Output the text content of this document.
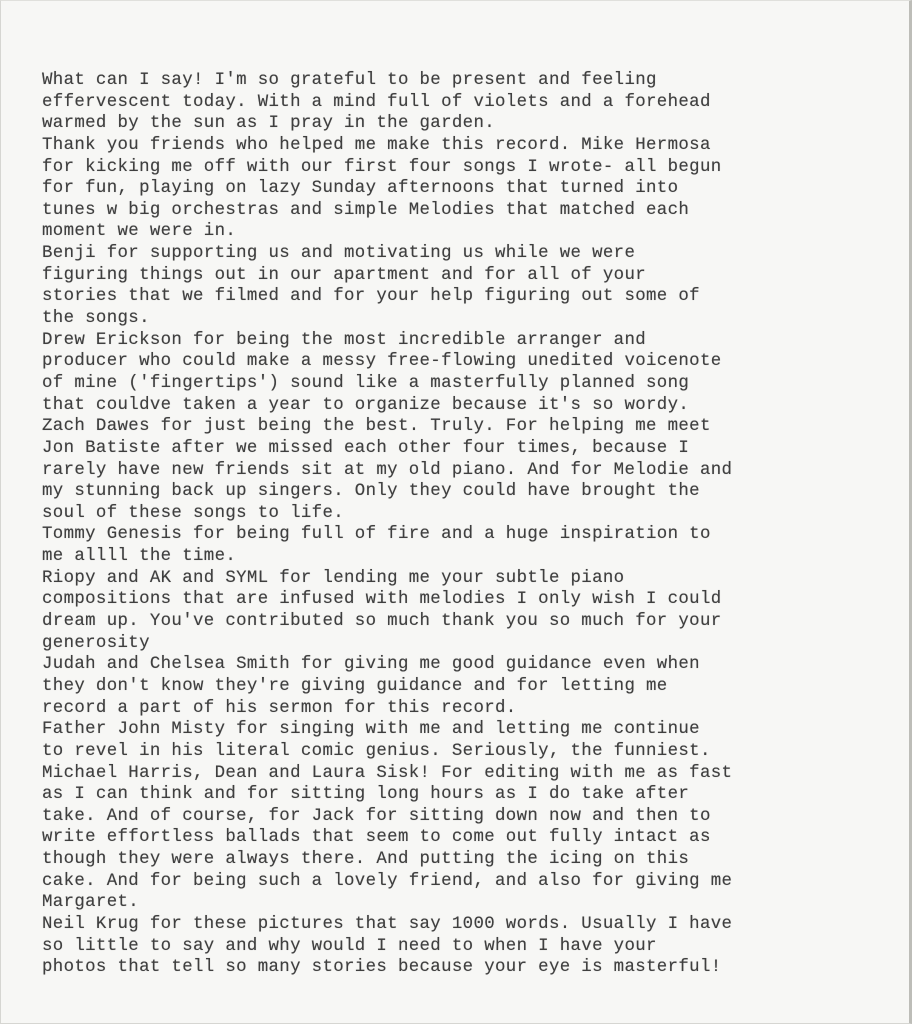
What can I say! I'm so grateful to be present and feeling
effervescent today. With a mind full of violets and a forehead
warmed by the sun as I pray in the garden.
Thank you friends who helped me make this record. Mike Hermosa
for kicking me off with our first four songs I wrote- all begun
for fun, playing on lazy Sunday afternoons that turned into
tunes w big orchestras and simple Melodies that matched each
moment we were in.
Benji for supporting us and motivating us while we were
figuring things out in our apartment and for all of your
stories that we filmed and for your help figuring out some of
the songs.
Drew Erickson for being the most incredible arranger and
producer who could make a messy free-flowing unedited voicenote
of mine ('fingertips') sound like a masterfully planned song
that couldve taken a year to organize because it's so wordy.
Zach Dawes for just being the best. Truly. For helping me meet
Jon Batiste after we missed each other four times, because I
rarely have new friends sit at my old piano. And for Melodie and
my stunning back up singers. Only they could have brought the
soul of these songs to life.
Tommy Genesis for being full of fire and a huge inspiration to
me allll the time.
Riopy and AK and SYML for lending me your subtle piano
compositions that are infused with melodies I only wish I could
dream up. You've contributed so much thank you so much for your
generosity
Judah and Chelsea Smith for giving me good guidance even when
they don't know they're giving guidance and for letting me
record a part of his sermon for this record.
Father John Misty for singing with me and letting me continue
to revel in his literal comic genius. Seriously, the funniest.
Michael Harris, Dean and Laura Sisk! For editing with me as fast
as I can think and for sitting long hours as I do take after
take. And of course, for Jack for sitting down now and then to
write effortless ballads that seem to come out fully intact as
though they were always there. And putting the icing on this
cake. And for being such a lovely friend, and also for giving me
Margaret.
Neil Krug for these pictures that say 1000 words. Usually I have
so little to say and why would I need to when I have your
photos that tell so many stories because your eye is masterful!
